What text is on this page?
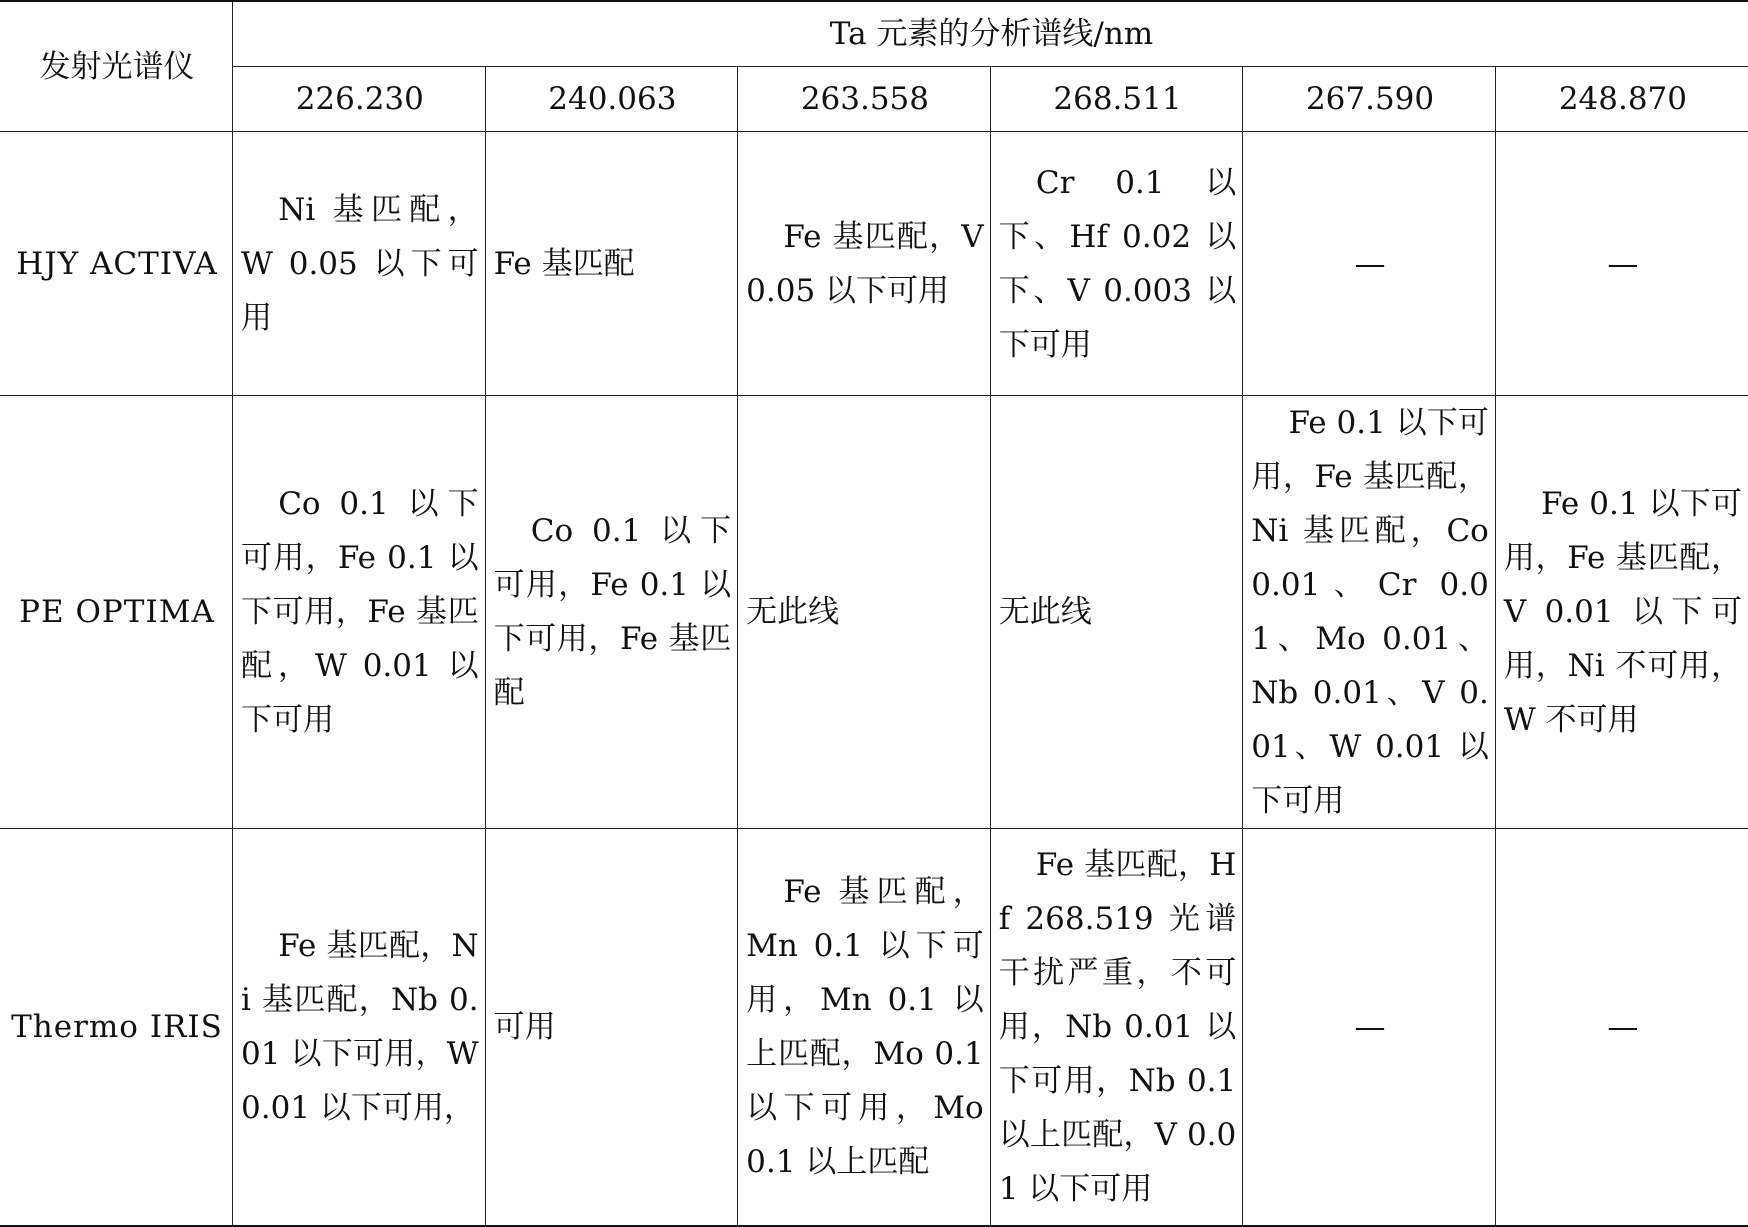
发射光谱仪	Ta 元素的分析谱线/nm					
	226.230	240.063	263.558	268.511	267.590	248.870
HJY ACTIVA	Ni 基匹配，W 0.05 以下可用	Fe 基匹配	Fe 基匹配，V0.05 以下可用	Cr 0.1 以下、Hf 0.02 以下、V 0.003 以下可用	—	—
PE OPTIMA	Co 0.1 以下可用，Fe 0.1 以下可用，Fe 基匹配，W 0.01 以下可用	Co 0.1 以下可用，Fe 0.1 以下可用，Fe 基匹配	无此线	无此线	Fe 0.1 以下可用，Fe 基匹配，Ni 基匹配，Co 0.01、Cr 0.01、Mo 0.01、Nb 0.01、V 0.01、W 0.01 以下可用	Fe 0.1 以下可用，Fe 基匹配，V 0.01 以下可用，Ni 不可用，W 不可用
Thermo IRIS	Fe 基匹配，Ni 基匹配，Nb 0.01 以下可用，W 0.01 以下可用，	可用	Fe 基匹配，Mn 0.1 以下可用，Mn 0.1 以上匹配，Mo 0.1 以下可用，Mo 0.1 以上匹配	Fe 基匹配，Hf 268.519 光谱干扰严重，不可用，Nb 0.01 以下可用，Nb 0.1 以上匹配，V 0.01 以下可用	—	—
